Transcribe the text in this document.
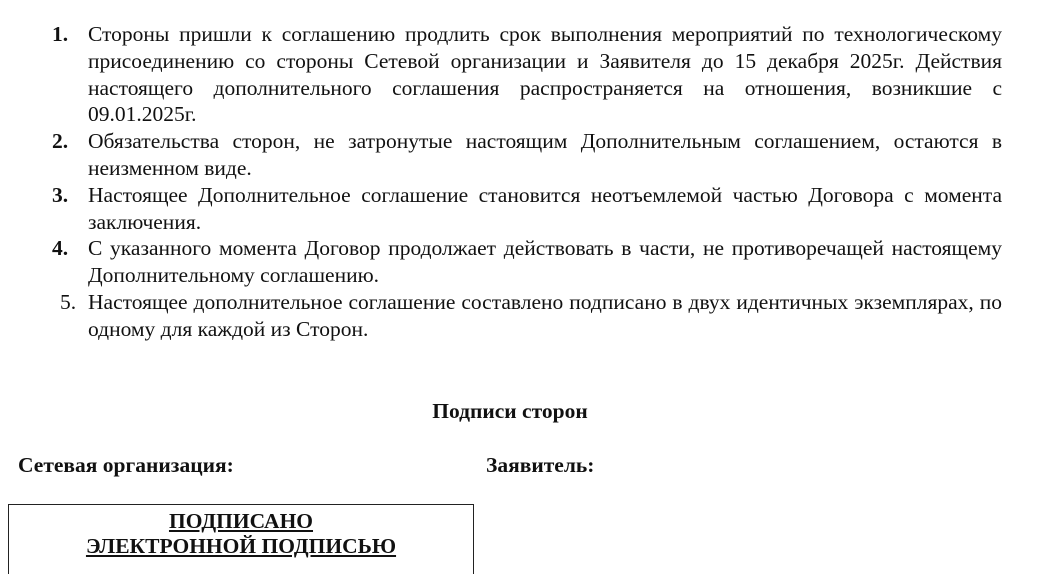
1. Стороны пришли к соглашению продлить срок выполнения мероприятий по технологическому присоединению со стороны Сетевой организации и Заявителя до 15 декабря 2025г. Действия настоящего дополнительного соглашения распространяется на отношения, возникшие с 09.01.2025г.
2. Обязательства сторон, не затронутые настоящим Дополнительным соглашением, остаются в неизменном виде.
3. Настоящее Дополнительное соглашение становится неотъемлемой частью Договора с момента заключения.
4. С указанного момента Договор продолжает действовать в части, не противоречащей настоящему Дополнительному соглашению.
5. Настоящее дополнительное соглашение составлено подписано в двух идентичных экземплярах, по одному для каждой из Сторон.
Подписи сторон
Сетевая организация:	Заявитель:
ПОДПИСАНО
ЭЛЕКТРОННОЙ ПОДПИСЬЮ
